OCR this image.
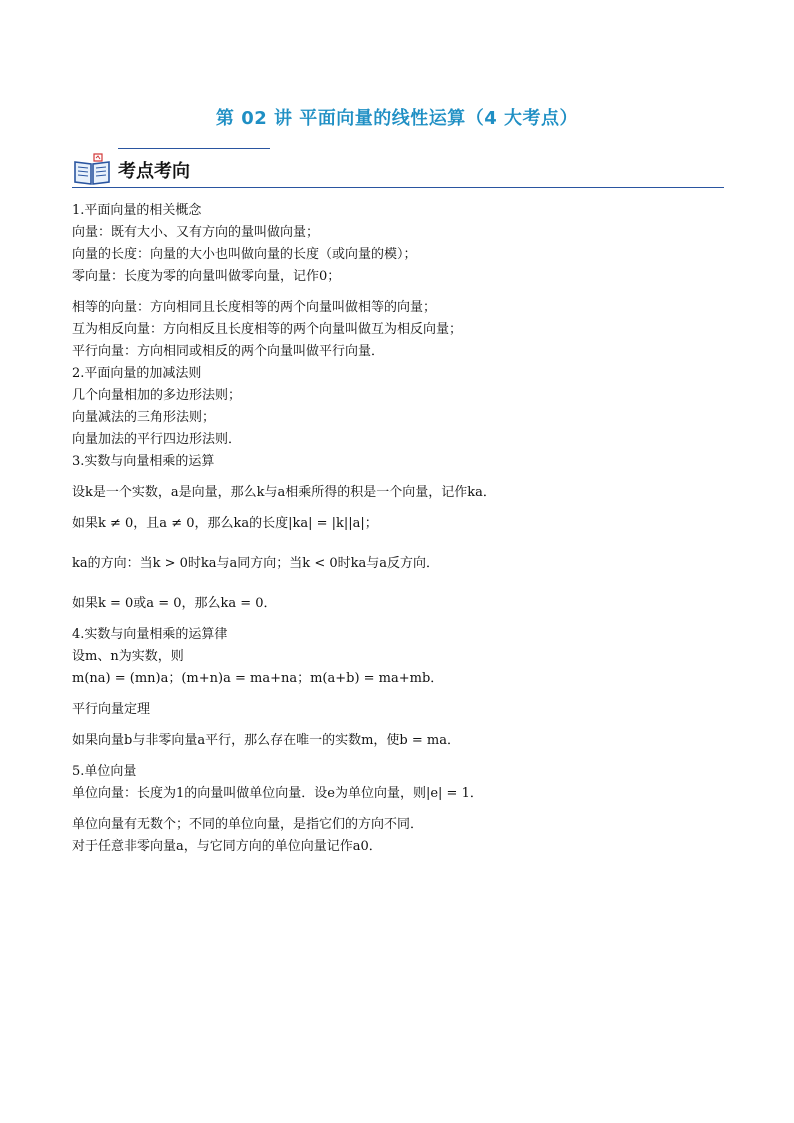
第 02 讲 平面向量的线性运算（4 大考点）
考点考向
1.平面向量的相关概念
向量：既有大小、又有方向的量叫做向量；
向量的长度：向量的大小也叫做向量的长度（或向量的模）；
零向量：长度为零的向量叫做零向量，记作0；
相等的向量：方向相同且长度相等的两个向量叫做相等的向量；
互为相反向量：方向相反且长度相等的两个向量叫做互为相反向量；
平行向量：方向相同或相反的两个向量叫做平行向量．
2.平面向量的加减法则
几个向量相加的多边形法则；
向量减法的三角形法则；
向量加法的平行四边形法则．
3.实数与向量相乘的运算
设k是一个实数，a是向量，那么k与a相乘所得的积是一个向量，记作ka．
如果k ≠ 0，且a ≠ 0，那么ka的长度|ka| = |k||a|；
ka的方向：当k > 0时ka与a同方向；当k < 0时ka与a反方向．
如果k = 0或a = 0，那么ka = 0．
4.实数与向量相乘的运算律
设m、n为实数，则
m(na) = (mn)a；(m+n)a = ma+na；m(a+b) = ma+mb．
平行向量定理
如果向量b与非零向量a平行，那么存在唯一的实数m，使b = ma．
5.单位向量
单位向量：长度为1的向量叫做单位向量．设e为单位向量，则|e| = 1．
单位向量有无数个；不同的单位向量，是指它们的方向不同．
对于任意非零向量a，与它同方向的单位向量记作a0．
